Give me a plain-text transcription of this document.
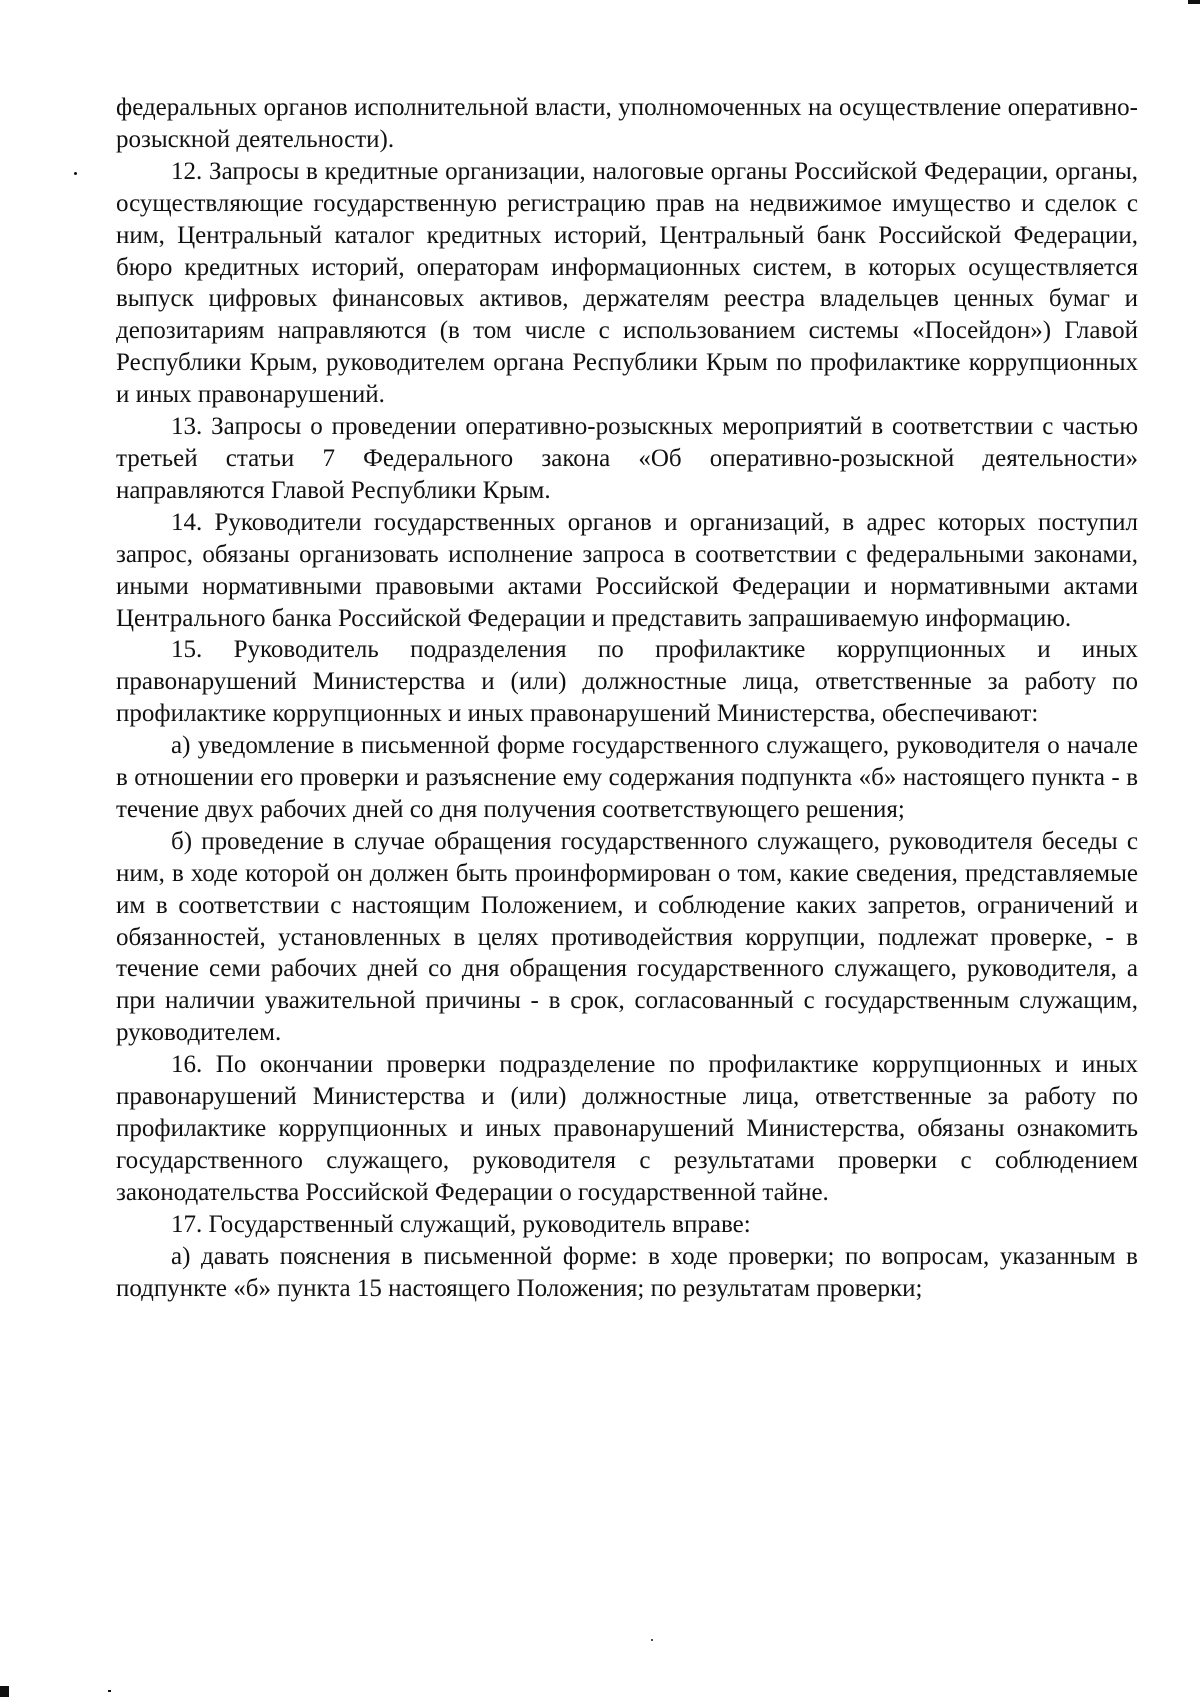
федеральных органов исполнительной власти, уполномоченных на осуществление оперативно-розыскной деятельности).

12. Запросы в кредитные организации, налоговые органы Российской Федерации, органы, осуществляющие государственную регистрацию прав на недвижимое имущество и сделок с ним, Центральный каталог кредитных историй, Центральный банк Российской Федерации, бюро кредитных историй, операторам информационных систем, в которых осуществляется выпуск цифровых финансовых активов, держателям реестра владельцев ценных бумаг и депозитариям направляются (в том числе с использованием системы «Посейдон») Главой Республики Крым, руководителем органа Республики Крым по профилактике коррупционных и иных правонарушений.

13. Запросы о проведении оперативно-розыскных мероприятий в соответствии с частью третьей статьи 7 Федерального закона «Об оперативно-розыскной деятельности» направляются Главой Республики Крым.

14. Руководители государственных органов и организаций, в адрес которых поступил запрос, обязаны организовать исполнение запроса в соответствии с федеральными законами, иными нормативными правовыми актами Российской Федерации и нормативными актами Центрального банка Российской Федерации и представить запрашиваемую информацию.

15. Руководитель подразделения по профилактике коррупционных и иных правонарушений Министерства и (или) должностные лица, ответственные за работу по профилактике коррупционных и иных правонарушений Министерства, обеспечивают:

а) уведомление в письменной форме государственного служащего, руководителя о начале в отношении его проверки и разъяснение ему содержания подпункта «б» настоящего пункта - в течение двух рабочих дней со дня получения соответствующего решения;

б) проведение в случае обращения государственного служащего, руководителя беседы с ним, в ходе которой он должен быть проинформирован о том, какие сведения, представляемые им в соответствии с настоящим Положением, и соблюдение каких запретов, ограничений и обязанностей, установленных в целях противодействия коррупции, подлежат проверке, - в течение семи рабочих дней со дня обращения государственного служащего, руководителя, а при наличии уважительной причины - в срок, согласованный с государственным служащим, руководителем.

16. По окончании проверки подразделение по профилактике коррупционных и иных правонарушений Министерства и (или) должностные лица, ответственные за работу по профилактике коррупционных и иных правонарушений Министерства, обязаны ознакомить государственного служащего, руководителя с результатами проверки с соблюдением законодательства Российской Федерации о государственной тайне.

17. Государственный служащий, руководитель вправе:

а) давать пояснения в письменной форме: в ходе проверки; по вопросам, указанным в подпункте «б» пункта 15 настоящего Положения; по результатам проверки;
